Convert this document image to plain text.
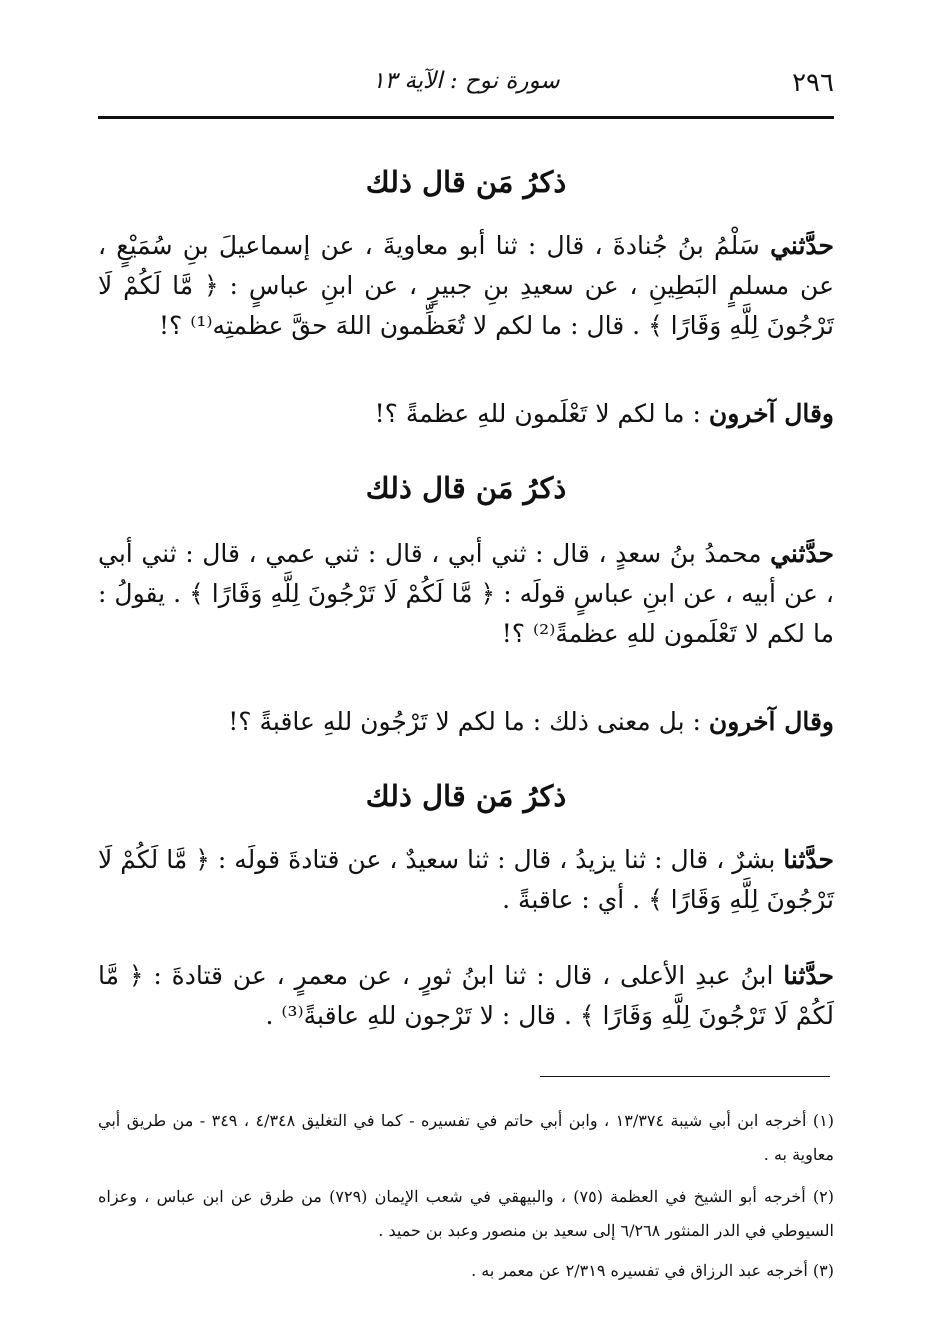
٢٩٦
سورة نوح : الآية ١٣
ذكرُ مَن قال ذلك
حدَّثني سَلْمُ بنُ جُنادةَ ، قال : ثنا أبو معاويةَ ، عن إسماعيلَ بنِ سُمَيْعٍ ، عن مسلمٍ البَطِينِ ، عن سعيدِ بنِ جبيرٍ ، عن ابنِ عباسٍ : ﴿ مَّا لَكُمْ لَا تَرْجُونَ لِلَّهِ وَقَارًا ﴾ . قال : ما لكم لا تُعَظِّمون اللهَ حقَّ عظمتِه⁽¹⁾ ؟!
وقال آخرون : ما لكم لا تَعْلَمون للهِ عظمةً ؟!
ذكرُ مَن قال ذلك
حدَّثني محمدُ بنُ سعدٍ ، قال : ثني أبي ، قال : ثني عمي ، قال : ثني أبي ، عن أبيه ، عن ابنِ عباسٍ قولَه : ﴿ مَّا لَكُمْ لَا تَرْجُونَ لِلَّهِ وَقَارًا ﴾ . يقولُ : ما لكم لا تَعْلَمون للهِ عظمةً⁽²⁾ ؟!
وقال آخرون : بل معنى ذلك : ما لكم لا تَرْجُون للهِ عاقبةً ؟!
ذكرُ مَن قال ذلك
حدَّثنا بشرٌ ، قال : ثنا يزيدُ ، قال : ثنا سعيدٌ ، عن قتادةَ قولَه : ﴿ مَّا لَكُمْ لَا تَرْجُونَ لِلَّهِ وَقَارًا ﴾ . أي : عاقبةً .
حدَّثنا ابنُ عبدِ الأعلى ، قال : ثنا ابنُ ثورٍ ، عن معمرٍ ، عن قتادةَ : ﴿ مَّا لَكُمْ لَا تَرْجُونَ لِلَّهِ وَقَارًا ﴾ . قال : لا تَرْجون للهِ عاقبةً⁽³⁾ .
(١) أخرجه ابن أبي شيبة ١٣/٣٧٤ ، وابن أبي حاتم في تفسيره - كما في التغليق ٤/٣٤٨ ، ٣٤٩ - من طريق أبي معاوية به .
(٢) أخرجه أبو الشيخ في العظمة (٧٥) ، والبيهقي في شعب الإيمان (٧٢٩) من طرق عن ابن عباس ، وعزاه السيوطي في الدر المنثور ٦/٢٦٨ إلى سعيد بن منصور وعبد بن حميد .
(٣) أخرجه عبد الرزاق في تفسيره ٢/٣١٩ عن معمر به .
